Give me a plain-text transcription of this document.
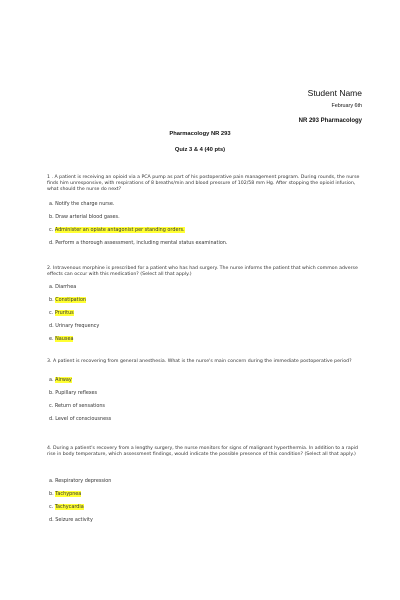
Student Name
February 6th
NR 293 Pharmacology
Pharmacology NR 293
Quiz 3 & 4 (40 pts)
1 . A patient is receiving an opioid via a PCA pump as part of his postoperative pain management program. During rounds, the nurse finds him unresponsive, with respirations of 8 breaths/min and blood pressure of 102/58 mm Hg. After stopping the opioid infusion, what should the nurse do next?
a. Notify the charge nurse.
b. Draw arterial blood gases.
c. Administer an opiate antagonist per standing orders.
d. Perform a thorough assessment, including mental status examination.
2. Intravenous morphine is prescribed for a patient who has had surgery. The nurse informs the patient that which common adverse effects can occur with this medication? (Select all that apply.)
a. Diarrhea
b. Constipation
c. Pruritus
d. Urinary frequency
e. Nausea
3. A patient is recovering from general anesthesia. What is the nurse's main concern during the immediate postoperative period?
a. Airway
b. Pupillary reflexes
c. Return of sensations
d. Level of consciousness
4. During a patient's recovery from a lengthy surgery, the nurse monitors for signs of malignant hyperthermia. In addition to a rapid rise in body temperature, which assessment findings, would indicate the possible presence of this condition? (Select all that apply.)
a. Respiratory depression
b. Tachypnea
c. Tachycardia
d. Seizure activity
